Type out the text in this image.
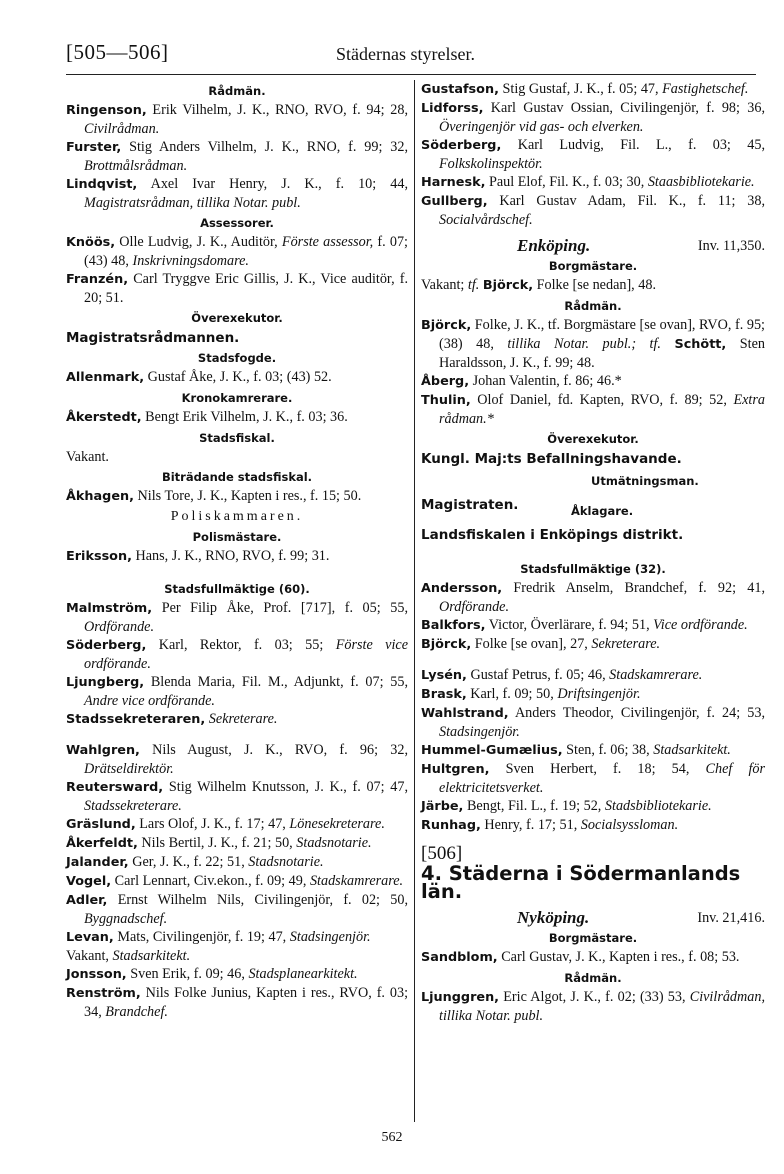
[505—506]	Städernas styrelser.
Rådmän.

Ringenson, Erik Vilhelm, J. K., RNO, RVO, f. 94; 28, Civilrådman.

Furster, Stig Anders Vilhelm, J. K., RNO, f. 99; 32, Brottmålsrådman.

Lindqvist, Axel Ivar Henry, J. K., f. 10; 44, Magistratsrådman, tillika Notar. publ.

Assessorer.

Knöös, Olle Ludvig, J. K., Auditör, Förste assessor, f. 07; (43) 48, Inskrivningsdomare.

Franzén, Carl Tryggve Eric Gillis, J. K., Vice auditör, f. 20; 51.

Överexekutor.
Magistratsrådmannen.
Stadsfogde.

Allenmark, Gustaf Åke, J. K., f. 03; (43) 52.

Kronokamrerare.

Åkerstedt, Bengt Erik Vilhelm, J. K., f. 03; 36.

Stadsfiskal.

Vakant.

Biträdande stadsfiskal.

Åkhagen, Nils Tore, J. K., Kapten i res., f. 15; 50.

Poliskammaren.
Polismästare.

Eriksson, Hans, J. K., RNO, RVO, f. 99; 31.

Stadsfullmäktige (60).

Malmström, Per Filip Åke, Prof. [717], f. 05; 55, Ordförande.

Söderberg, Karl, Rektor, f. 03; 55; Förste vice ordförande.

Ljungberg, Blenda Maria, Fil. M., Adjunkt, f. 07; 55, Andre vice ordförande.

Stadssekreteraren, Sekreterare.

Wahlgren, Nils August, J. K., RVO, f. 96; 32, Drätseldirektör.

Reutersward, Stig Wilhelm Knutsson, J. K., f. 07; 47, Stadssekreterare.

Gräslund, Lars Olof, J. K., f. 17; 47, Lönesekreterare.

Åkerfeldt, Nils Bertil, J. K., f. 21; 50, Stadsnotarie.

Jalander, Ger, J. K., f. 22; 51, Stadsnotarie.

Vogel, Carl Lennart, Civ.ekon., f. 09; 49, Stadskamrerare.

Adler, Ernst Wilhelm Nils, Civilingenjör, f. 02; 50, Byggnadschef.

Levan, Mats, Civilingenjör, f. 19; 47, Stadsingenjör.

Vakant, Stadsarkitekt.

Jonsson, Sven Erik, f. 09; 46, Stadsplanearkitekt.

Renström, Nils Folke Junius, Kapten i res., RVO, f. 03; 34, Brandchef.

Gustafson, Stig Gustaf, J. K., f. 05; 47, Fastighetschef.

Lidforss, Karl Gustav Ossian, Civilingenjör, f. 98; 36, Överingenjör vid gas- och elverken.

Söderberg, Karl Ludvig, Fil. L., f. 03; 45, Folkskolinspektör.

Harnesk, Paul Elof, Fil. K., f. 03; 30, Staasbibliotekarie.

Gullberg, Karl Gustav Adam, Fil. K., f. 11; 38, Socialvårdschef.

Enköping.	Inv. 11,350.
Borgmästare.

Vakant; tf. Björck, Folke [se nedan], 48.

Rådmän.

Björck, Folke, J. K., tf. Borgmästare [se ovan], RVO, f. 95; (38) 48, tillika Notar. publ.; tf. Schött, Sten Haraldsson, J. K., f. 99; 48.

Åberg, Johan Valentin, f. 86; 46.*

Thulin, Olof Daniel, fd. Kapten, RVO, f. 89; 52, Extra rådman.*

Överexekutor.
Kungl. Maj:ts Befallningshavande.
Magistraten.
Utmätningsman.
Åklagare.
Landsfiskalen i Enköpings distrikt.
Stadsfullmäktige (32).

Andersson, Fredrik Anselm, Brandchef, f. 92; 41, Ordförande.

Balkfors, Victor, Överlärare, f. 94; 51, Vice ordförande.

Björck, Folke [se ovan], 27, Sekreterare.

Lysén, Gustaf Petrus, f. 05; 46, Stadskamrerare.

Brask, Karl, f. 09; 50, Driftsingenjör.

Wahlstrand, Anders Theodor, Civilingenjör, f. 24; 53, Stadsingenjör.

Hummel-Gumælius, Sten, f. 06; 38, Stadsarkitekt.

Hultgren, Sven Herbert, f. 18; 54, Chef för elektricitetsverket.

Järbe, Bengt, Fil. L., f. 19; 52, Stadsbibliotekarie.

Runhag, Henry, f. 17; 51, Socialsyssloman.

[506]
4. Städerna i Södermanlands län.
Nyköping.	Inv. 21,416.
Borgmästare.

Sandblom, Carl Gustav, J. K., Kapten i res., f. 08; 53.

Rådmän.

Ljunggren, Eric Algot, J. K., f. 02; (33) 53, Civilrådman, tillika Notar. publ.

562
